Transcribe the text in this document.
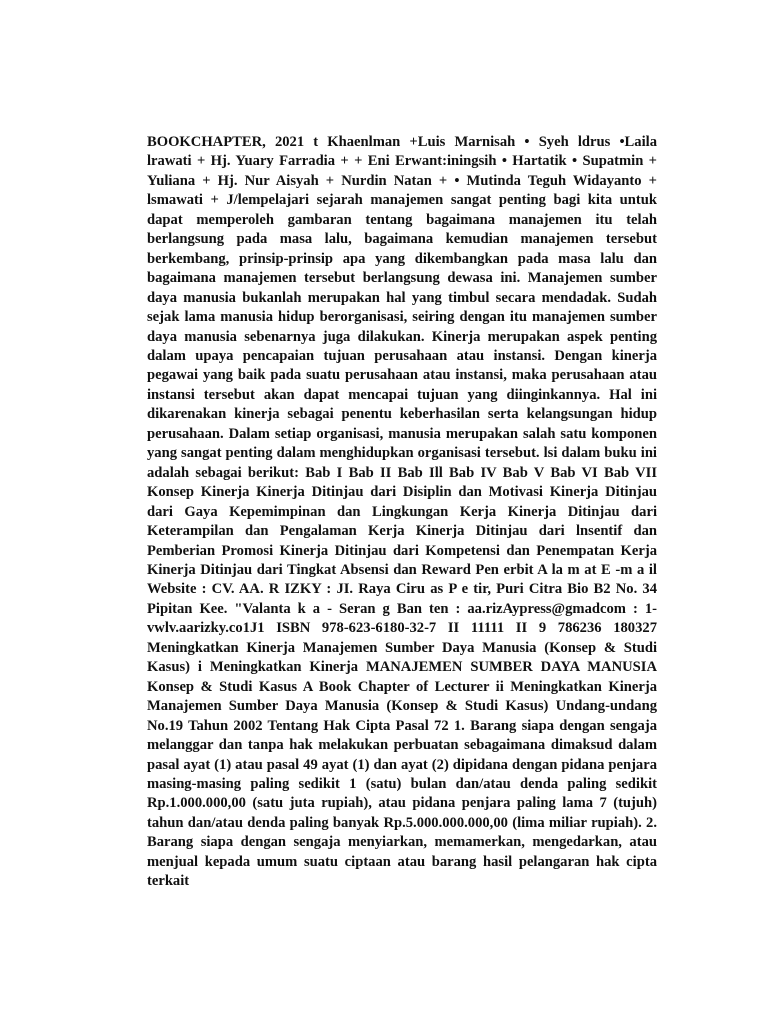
BOOKCHAPTER, 2021 t Khaenlman +Luis Marnisah • Syeh ldrus •Laila lrawati + Hj. Yuary Farradia + + Eni Erwant:iningsih • Hartatik • Supatmin + Yuliana + Hj. Nur Aisyah + Nurdin Natan + • Mutinda Teguh Widayanto + lsmawati + J/lempelajari sejarah manajemen sangat penting bagi kita untuk dapat memperoleh gambaran tentang bagaimana manajemen itu telah berlangsung pada masa lalu, bagaimana kemudian manajemen tersebut berkembang, prinsip-prinsip apa yang dikembangkan pada masa lalu dan bagaimana manajemen tersebut berlangsung dewasa ini. Manajemen sumber daya manusia bukanlah merupakan hal yang timbul secara mendadak. Sudah sejak lama manusia hidup berorganisasi, seiring dengan itu manajemen sumber daya manusia sebenarnya juga dilakukan. Kinerja merupakan aspek penting dalam upaya pencapaian tujuan perusahaan atau instansi. Dengan kinerja pegawai yang baik pada suatu perusahaan atau instansi, maka perusahaan atau instansi tersebut akan dapat mencapai tujuan yang diinginkannya. Hal ini dikarenakan kinerja sebagai penentu keberhasilan serta kelangsungan hidup perusahaan. Dalam setiap organisasi, manusia merupakan salah satu komponen yang sangat penting dalam menghidupkan organisasi tersebut. lsi dalam buku ini adalah sebagai berikut: Bab I Bab II Bab Ill Bab IV Bab V Bab VI Bab VII Konsep Kinerja Kinerja Ditinjau dari Disiplin dan Motivasi Kinerja Ditinjau dari Gaya Kepemimpinan dan Lingkungan Kerja Kinerja Ditinjau dari Keterampilan dan Pengalaman Kerja Kinerja Ditinjau dari lnsentif dan Pemberian Promosi Kinerja Ditinjau dari Kompetensi dan Penempatan Kerja Kinerja Ditinjau dari Tingkat Absensi dan Reward Pen erbit A la m at E -m a il Website : CV. AA. R IZKY : JI. Raya Ciru as P e tir, Puri Citra Bio B2 No. 34 Pipitan Kee. "Valanta k a - Seran g Ban ten : aa.rizAypress@gmadcom : 1-vwlv.aarizky.co1J1 ISBN 978-623-6180-32-7 II 11111 II 9 786236 180327 Meningkatkan Kinerja Manajemen Sumber Daya Manusia (Konsep & Studi Kasus) i Meningkatkan Kinerja MANAJEMEN SUMBER DAYA MANUSIA Konsep & Studi Kasus A Book Chapter of Lecturer ii Meningkatkan Kinerja Manajemen Sumber Daya Manusia (Konsep & Studi Kasus) Undang-undang No.19 Tahun 2002 Tentang Hak Cipta Pasal 72 1. Barang siapa dengan sengaja melanggar dan tanpa hak melakukan perbuatan sebagaimana dimaksud dalam pasal ayat (1) atau pasal 49 ayat (1) dan ayat (2) dipidana dengan pidana penjara masing-masing paling sedikit 1 (satu) bulan dan/atau denda paling sedikit Rp.1.000.000,00 (satu juta rupiah), atau pidana penjara paling lama 7 (tujuh) tahun dan/atau denda paling banyak Rp.5.000.000.000,00 (lima miliar rupiah). 2. Barang siapa dengan sengaja menyiarkan, memamerkan, mengedarkan, atau menjual kepada umum suatu ciptaan atau barang hasil pelangaran hak cipta terkait
